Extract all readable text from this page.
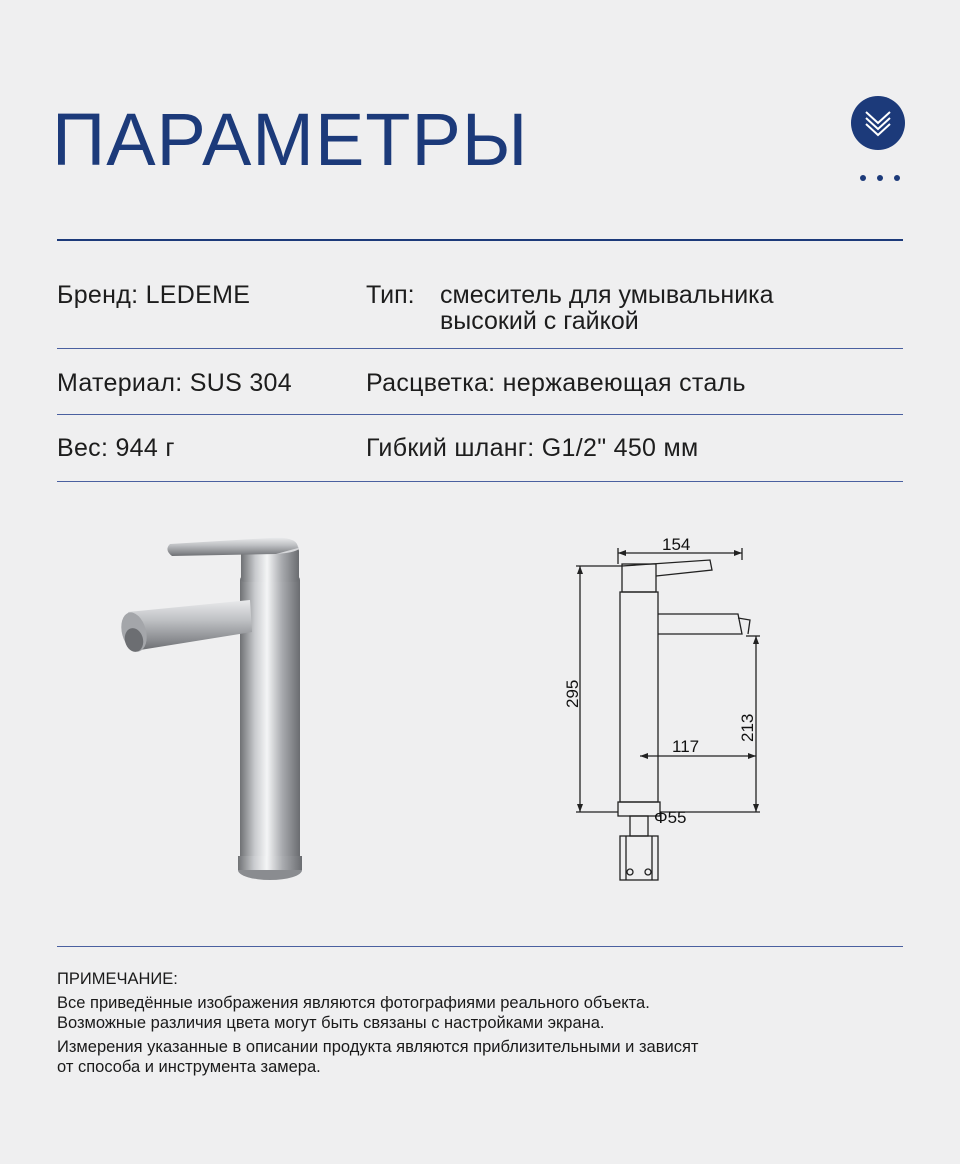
ПАРАМЕТРЫ
Бренд: LEDEME	Тип: смеситель для умывальника
высокий с гайкой
Материал: SUS 304	Расцветка: нержавеющая сталь
Вес: 944 г	Гибкий шланг: G1/2" 450 мм
154
295
213
117
Φ55
ПРИМЕЧАНИЕ:
Все приведённые изображения являются фотографиями реального объекта.
Возможные различия цвета могут быть связаны с настройками экрана.
Измерения указанные в описании продукта являются приблизительными и зависят
от способа и инструмента замера.
